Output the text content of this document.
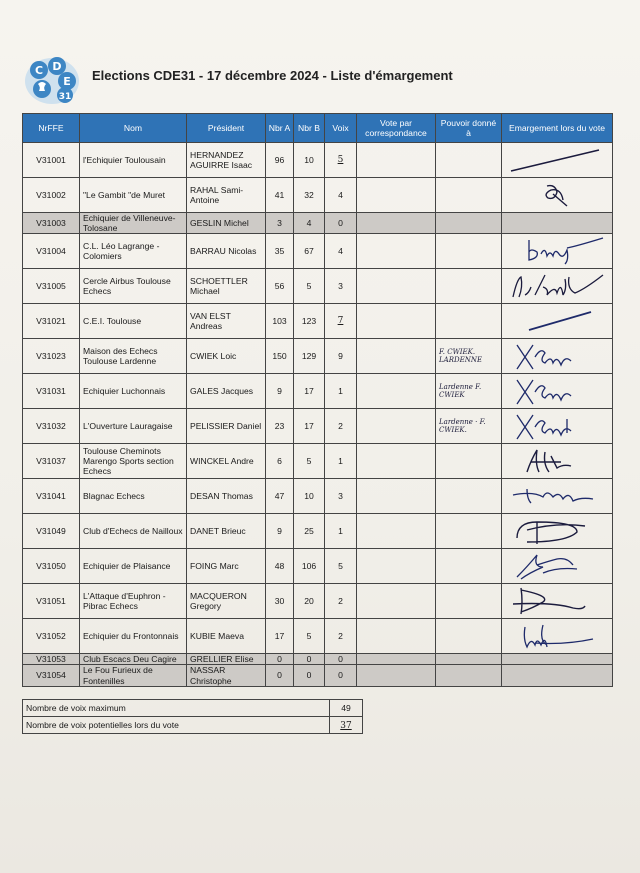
C D
E
31
Elections CDE31 - 17 décembre 2024 - Liste d'émargement
NrFFE	Nom	Président	Nbr A	Nbr B	Voix	Vote par correspondance	Pouvoir donné à	Emargement lors du vote
V31001	l'Echiquier Toulousain	HERNANDEZ AGUIRRE Isaac	96	10	5			

V31002	"Le Gambit "de Muret	RAHAL Sami-Antoine	41	32	4			

V31003	Echiquier de Villeneuve-Tolosane	GESLIN Michel	3	4	0			
V31004	C.L. Léo Lagrange - Colomiers	BARRAU Nicolas	35	67	4			

V31005	Cercle Airbus Toulouse Echecs	SCHOETTLER Michael	56	5	3			

V31021	C.E.I. Toulouse	VAN ELST Andreas	103	123	7			

V31023	Maison des Echecs Toulouse Lardenne	CWIEK Loic	150	129	9		F. CWIEK. LARDENNE

V31031	Echiquier Luchonnais	GALES Jacques	9	17	1		Lardenne F. CWIEK

V31032	L'Ouverture Lauragaise	PELISSIER Daniel	23	17	2		Lardenne · F. CWIEK.

V31037	Toulouse Cheminots Marengo Sports section Echecs	WINCKEL Andre	6	5	1			

V31041	Blagnac Echecs	DESAN Thomas	47	10	3			

V31049	Club d'Echecs de Nailloux	DANET Brieuc	9	25	1			

V31050	Echiquier de Plaisance	FOING Marc	48	106	5			

V31051	L'Attaque d'Euphron - Pibrac Echecs	MACQUERON Gregory	30	20	2			

V31052	Echiquier du Frontonnais	KUBIE Maeva	17	5	2			

V31053	Club Escacs Deu Cagire	GRELLIER Elise	0	0	0			
V31054	Le Fou Furieux de Fontenilles	NASSAR Christophe	0	0	0			
Nombre de voix maximum	49
Nombre de voix potentielles lors du vote	37
